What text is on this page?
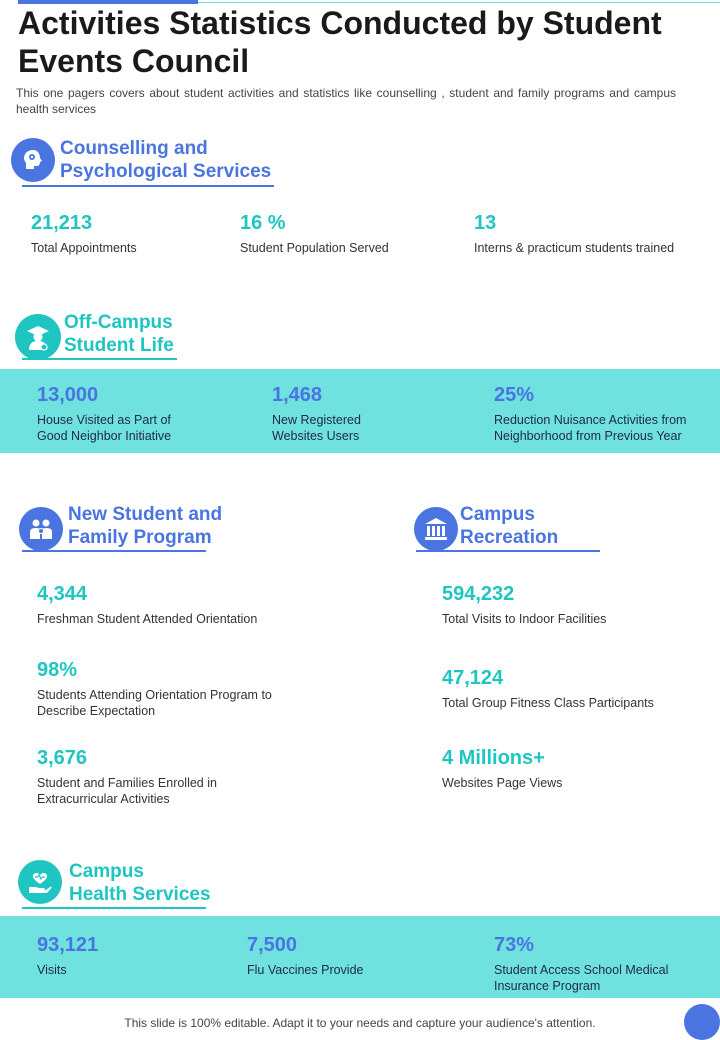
Activities Statistics Conducted by Student Events Council

This one pagers covers about student activities and statistics like counselling , student and family programs and campus health services

Counselling and
Psychological Services
21,213
Total Appointments
16 %
Student Population Served
13
Interns & practicum students trained
Off-Campus
Student Life
13,000
House Visited as Part of
Good Neighbor Initiative
1,468
New Registered
Websites Users
25%
Reduction Nuisance Activities from
Neighborhood from Previous Year
New Student and
Family Program
4,344
Freshman Student Attended Orientation
98%
Students Attending Orientation Program to
Describe Expectation
3,676
Student and Families Enrolled in
Extracurricular Activities
Campus
Recreation
594,232
Total Visits to Indoor Facilities
47,124
Total Group Fitness Class Participants
4 Millions+
Websites Page Views
Campus
Health Services
93,121
Visits
7,500
Flu Vaccines Provide
73%
Student Access School Medical
Insurance Program
This slide is 100% editable. Adapt it to your needs and capture your audience's attention.
